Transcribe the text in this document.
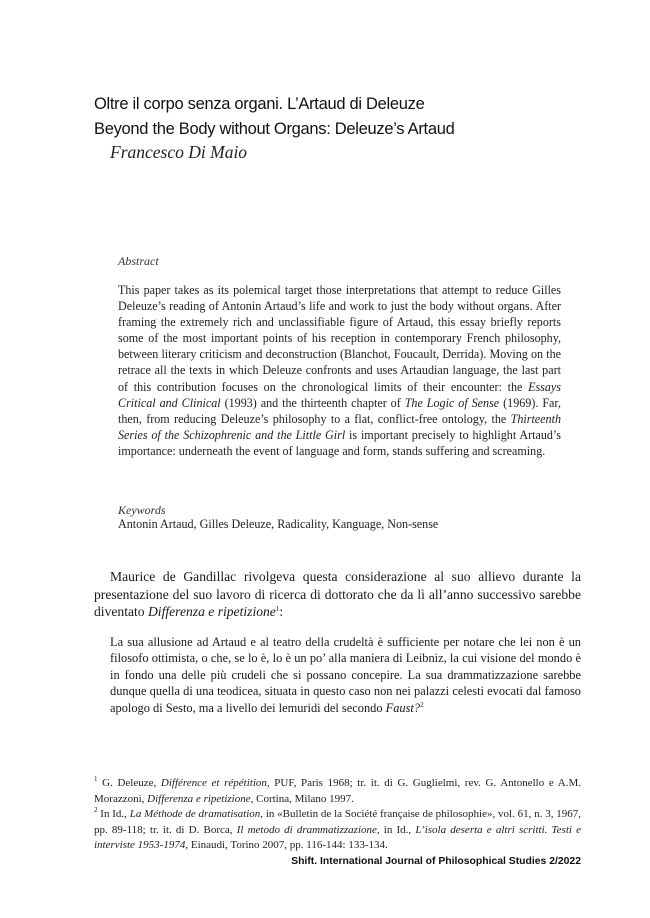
Oltre il corpo senza organi. L’Artaud di Deleuze
Beyond the Body without Organs: Deleuze’s Artaud
Francesco Di Maio
Abstract

This paper takes as its polemical target those interpretations that attempt to reduce Gilles Deleuze’s reading of Antonin Artaud’s life and work to just the body without organs. After framing the extremely rich and unclassifiable figure of Artaud, this essay briefly reports some of the most important points of his reception in contemporary French philosophy, between literary criticism and deconstruction (Blanchot, Foucault, Derrida). Moving on the retrace all the texts in which Deleuze confronts and uses Artaudian language, the last part of this contribution focuses on the chronological limits of their encounter: the Essays Critical and Clinical (1993) and the thirteenth chapter of The Logic of Sense (1969). Far, then, from reducing Deleuze’s philosophy to a flat, conflict-free ontology, the Thirteenth Series of the Schizophrenic and the Little Girl is important precisely to highlight Artaud’s importance: underneath the event of language and form, stands suffering and screaming.

Keywords
Antonin Artaud, Gilles Deleuze, Radicality, Kanguage, Non-sense

Maurice de Gandillac rivolgeva questa considerazione al suo allievo durante la presentazione del suo lavoro di ricerca di dottorato che da lì all’anno successivo sarebbe diventato Differenza e ripetizione$^1$:

La sua allusione ad Artaud e al teatro della crudeltà è sufficiente per notare che lei non è un filosofo ottimista, o che, se lo è, lo è un po’ alla maniera di Leibniz, la cui visione del mondo è in fondo una delle più crudeli che si possano concepire. La sua drammatizzazione sarebbe dunque quella di una teodicea, situata in questo caso non nei palazzi celesti evocati dal famoso apologo di Sesto, ma a livello dei lemuridi del secondo Faust?$^2$

$^1$ G. Deleuze, Différence et répétition, PUF, Paris 1968; tr. it. di G. Guglielmi, rev. G. Antonello e A.M. Morazzoni, Differenza e ripetizione, Cortina, Milano 1997.

$^2$ In Id., La Méthode de dramatisation, in «Bulletin de la Société française de philosophie», vol. 61, n. 3, 1967, pp. 89-118; tr. it. di D. Borca, Il metodo di drammatizzazione, in Id., L’isola deserta e altri scritti. Testi e interviste 1953-1974, Einaudi, Torino 2007, pp. 116-144: 133-134.

Shift. International Journal of Philosophical Studies 2/2022
